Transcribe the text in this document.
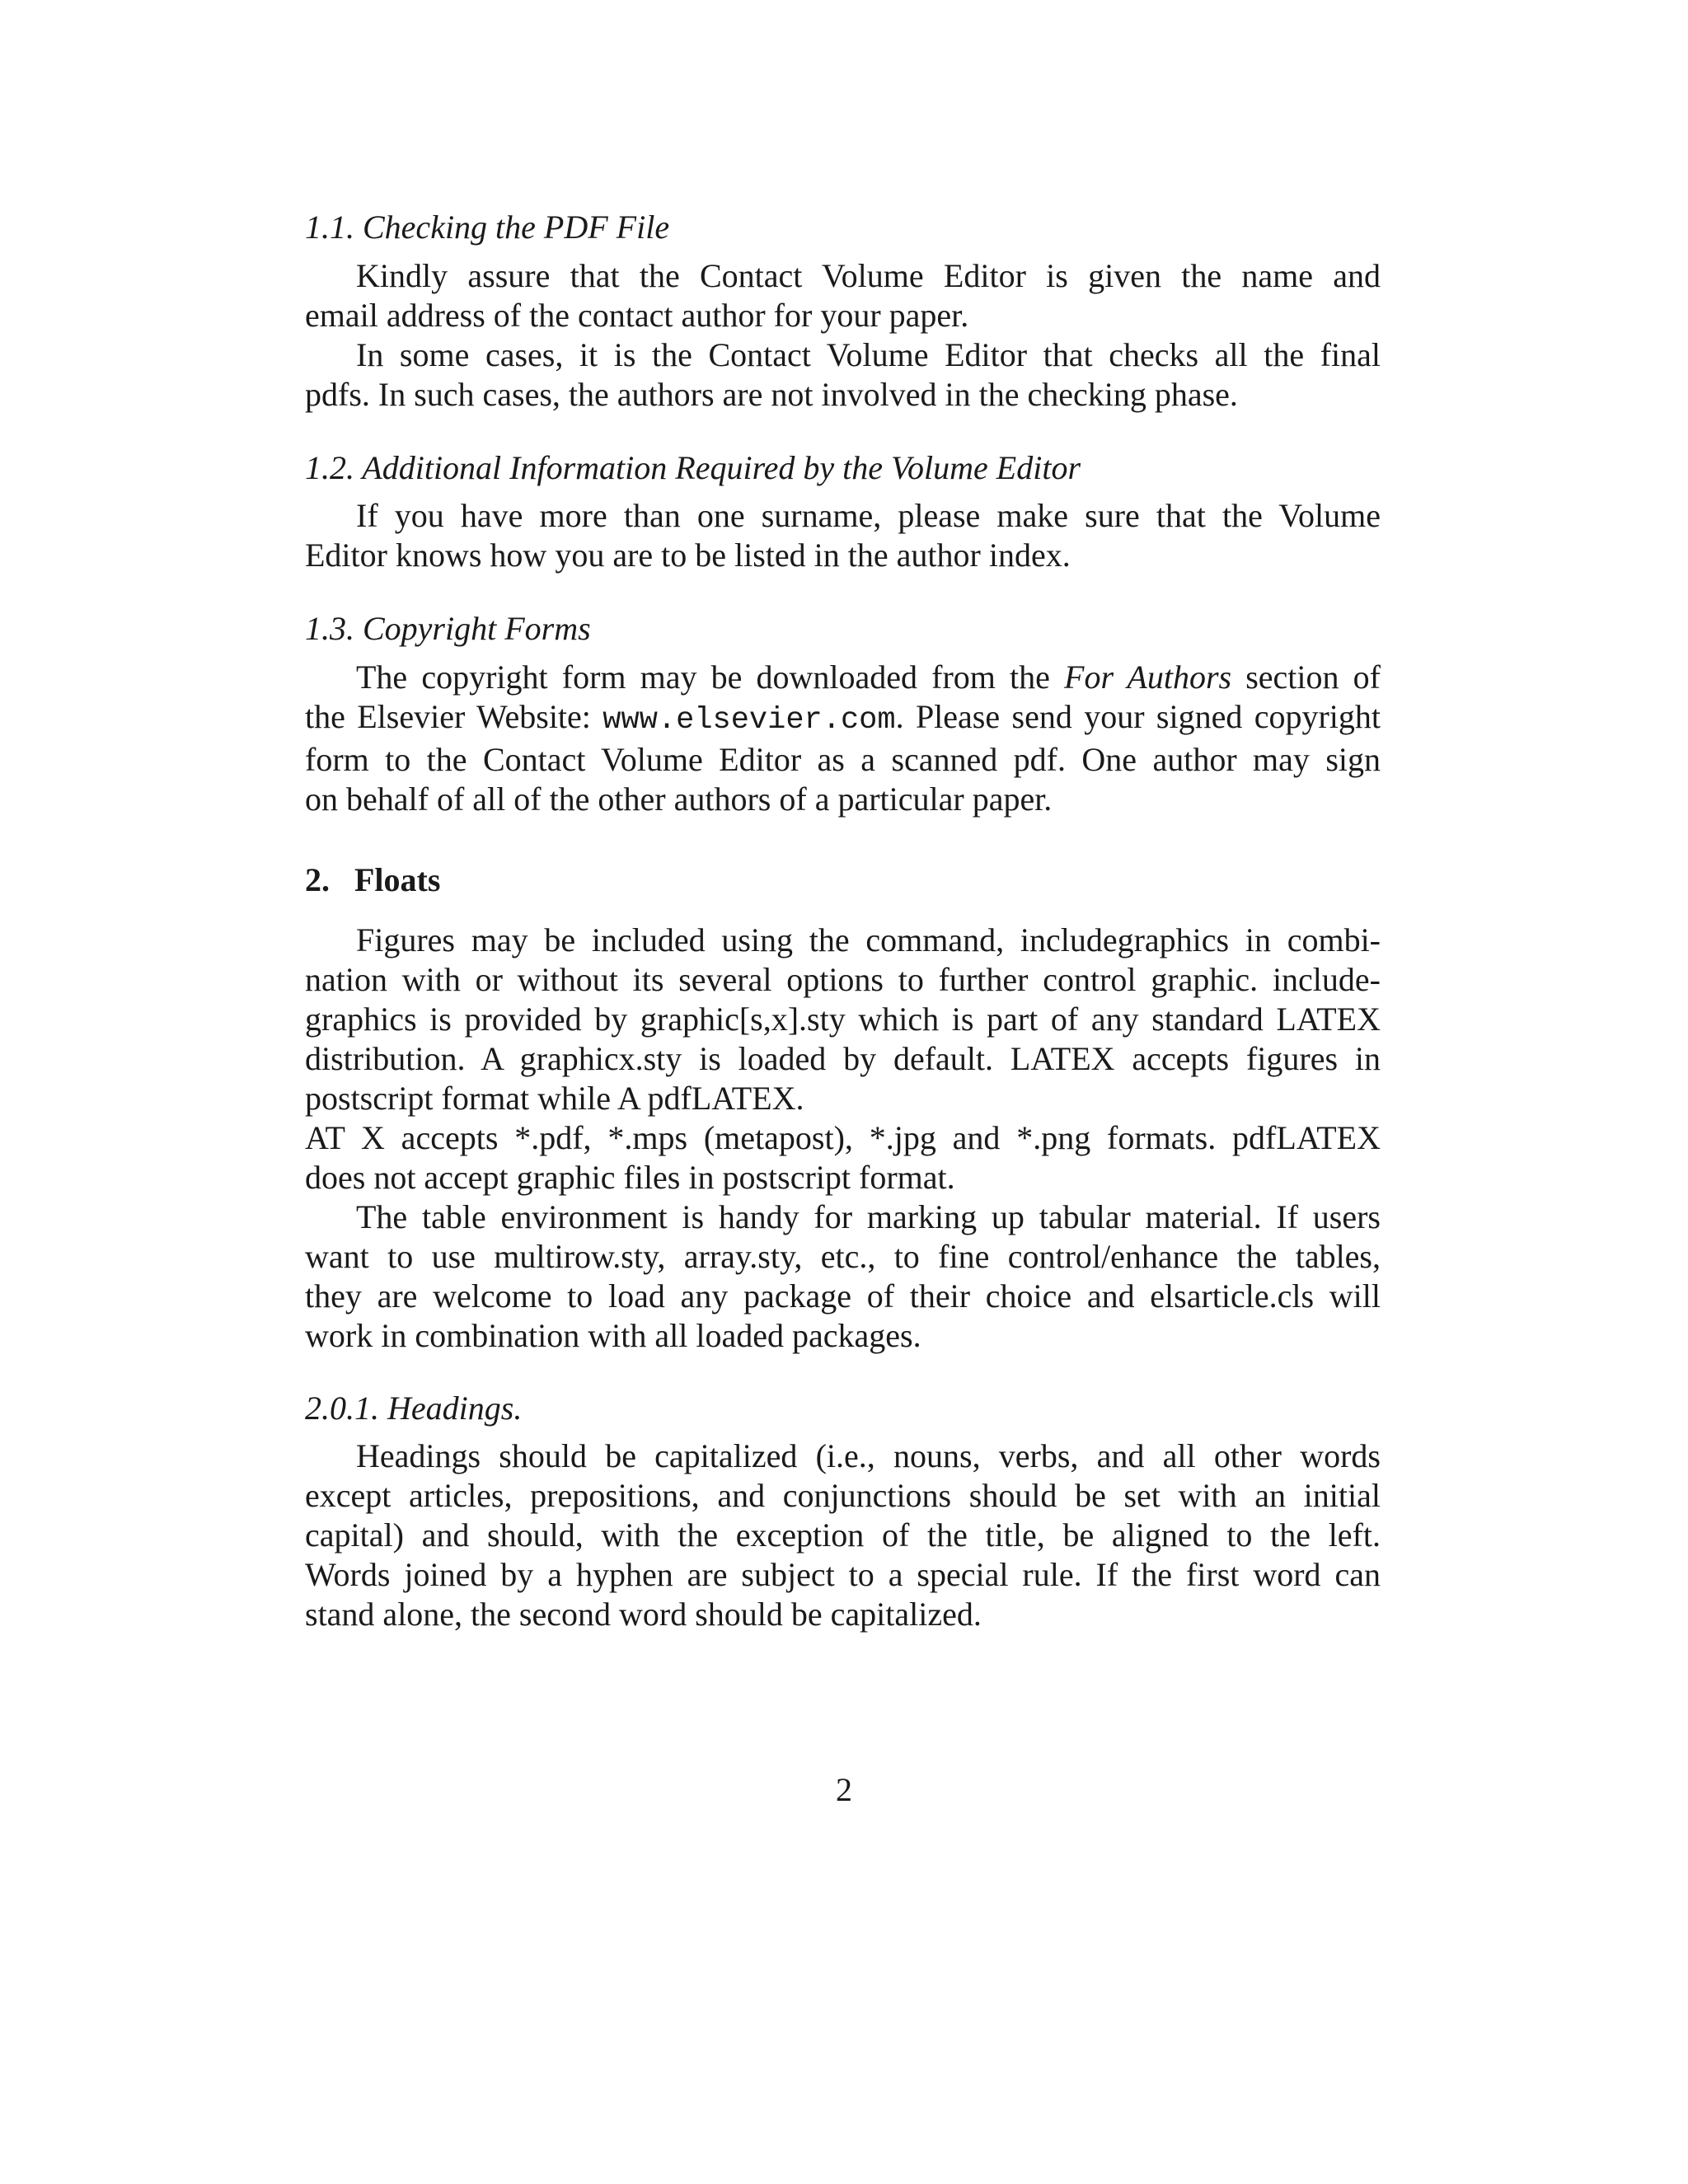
1.1. Checking the PDF File
Kindly assure that the Contact Volume Editor is given the name and
email address of the contact author for your paper.
In some cases, it is the Contact Volume Editor that checks all the final
pdfs. In such cases, the authors are not involved in the checking phase.
1.2. Additional Information Required by the Volume Editor
If you have more than one surname, please make sure that the Volume
Editor knows how you are to be listed in the author index.
1.3. Copyright Forms
The copyright form may be downloaded from the For Authors section of
the Elsevier Website: www.elsevier.com. Please send your signed copyright
form to the Contact Volume Editor as a scanned pdf. One author may sign
on behalf of all of the other authors of a particular paper.
2. Floats
Figures may be included using the command, includegraphics in combi-
nation with or without its several options to further control graphic. include-
graphics is provided by graphic[s,x].sty which is part of any standard LATEX
distribution. A graphicx.sty is loaded by default. LATEX accepts figures in
postscript format while A pdfLATEX.
AT X accepts *.pdf, *.mps (metapost), *.jpg and *.png formats. pdfLATEX
does not accept graphic files in postscript format.
The table environment is handy for marking up tabular material. If users
want to use multirow.sty, array.sty, etc., to fine control/enhance the tables,
they are welcome to load any package of their choice and elsarticle.cls will
work in combination with all loaded packages.
2.0.1. Headings.
Headings should be capitalized (i.e., nouns, verbs, and all other words
except articles, prepositions, and conjunctions should be set with an initial
capital) and should, with the exception of the title, be aligned to the left.
Words joined by a hyphen are subject to a special rule. If the first word can
stand alone, the second word should be capitalized.
2
